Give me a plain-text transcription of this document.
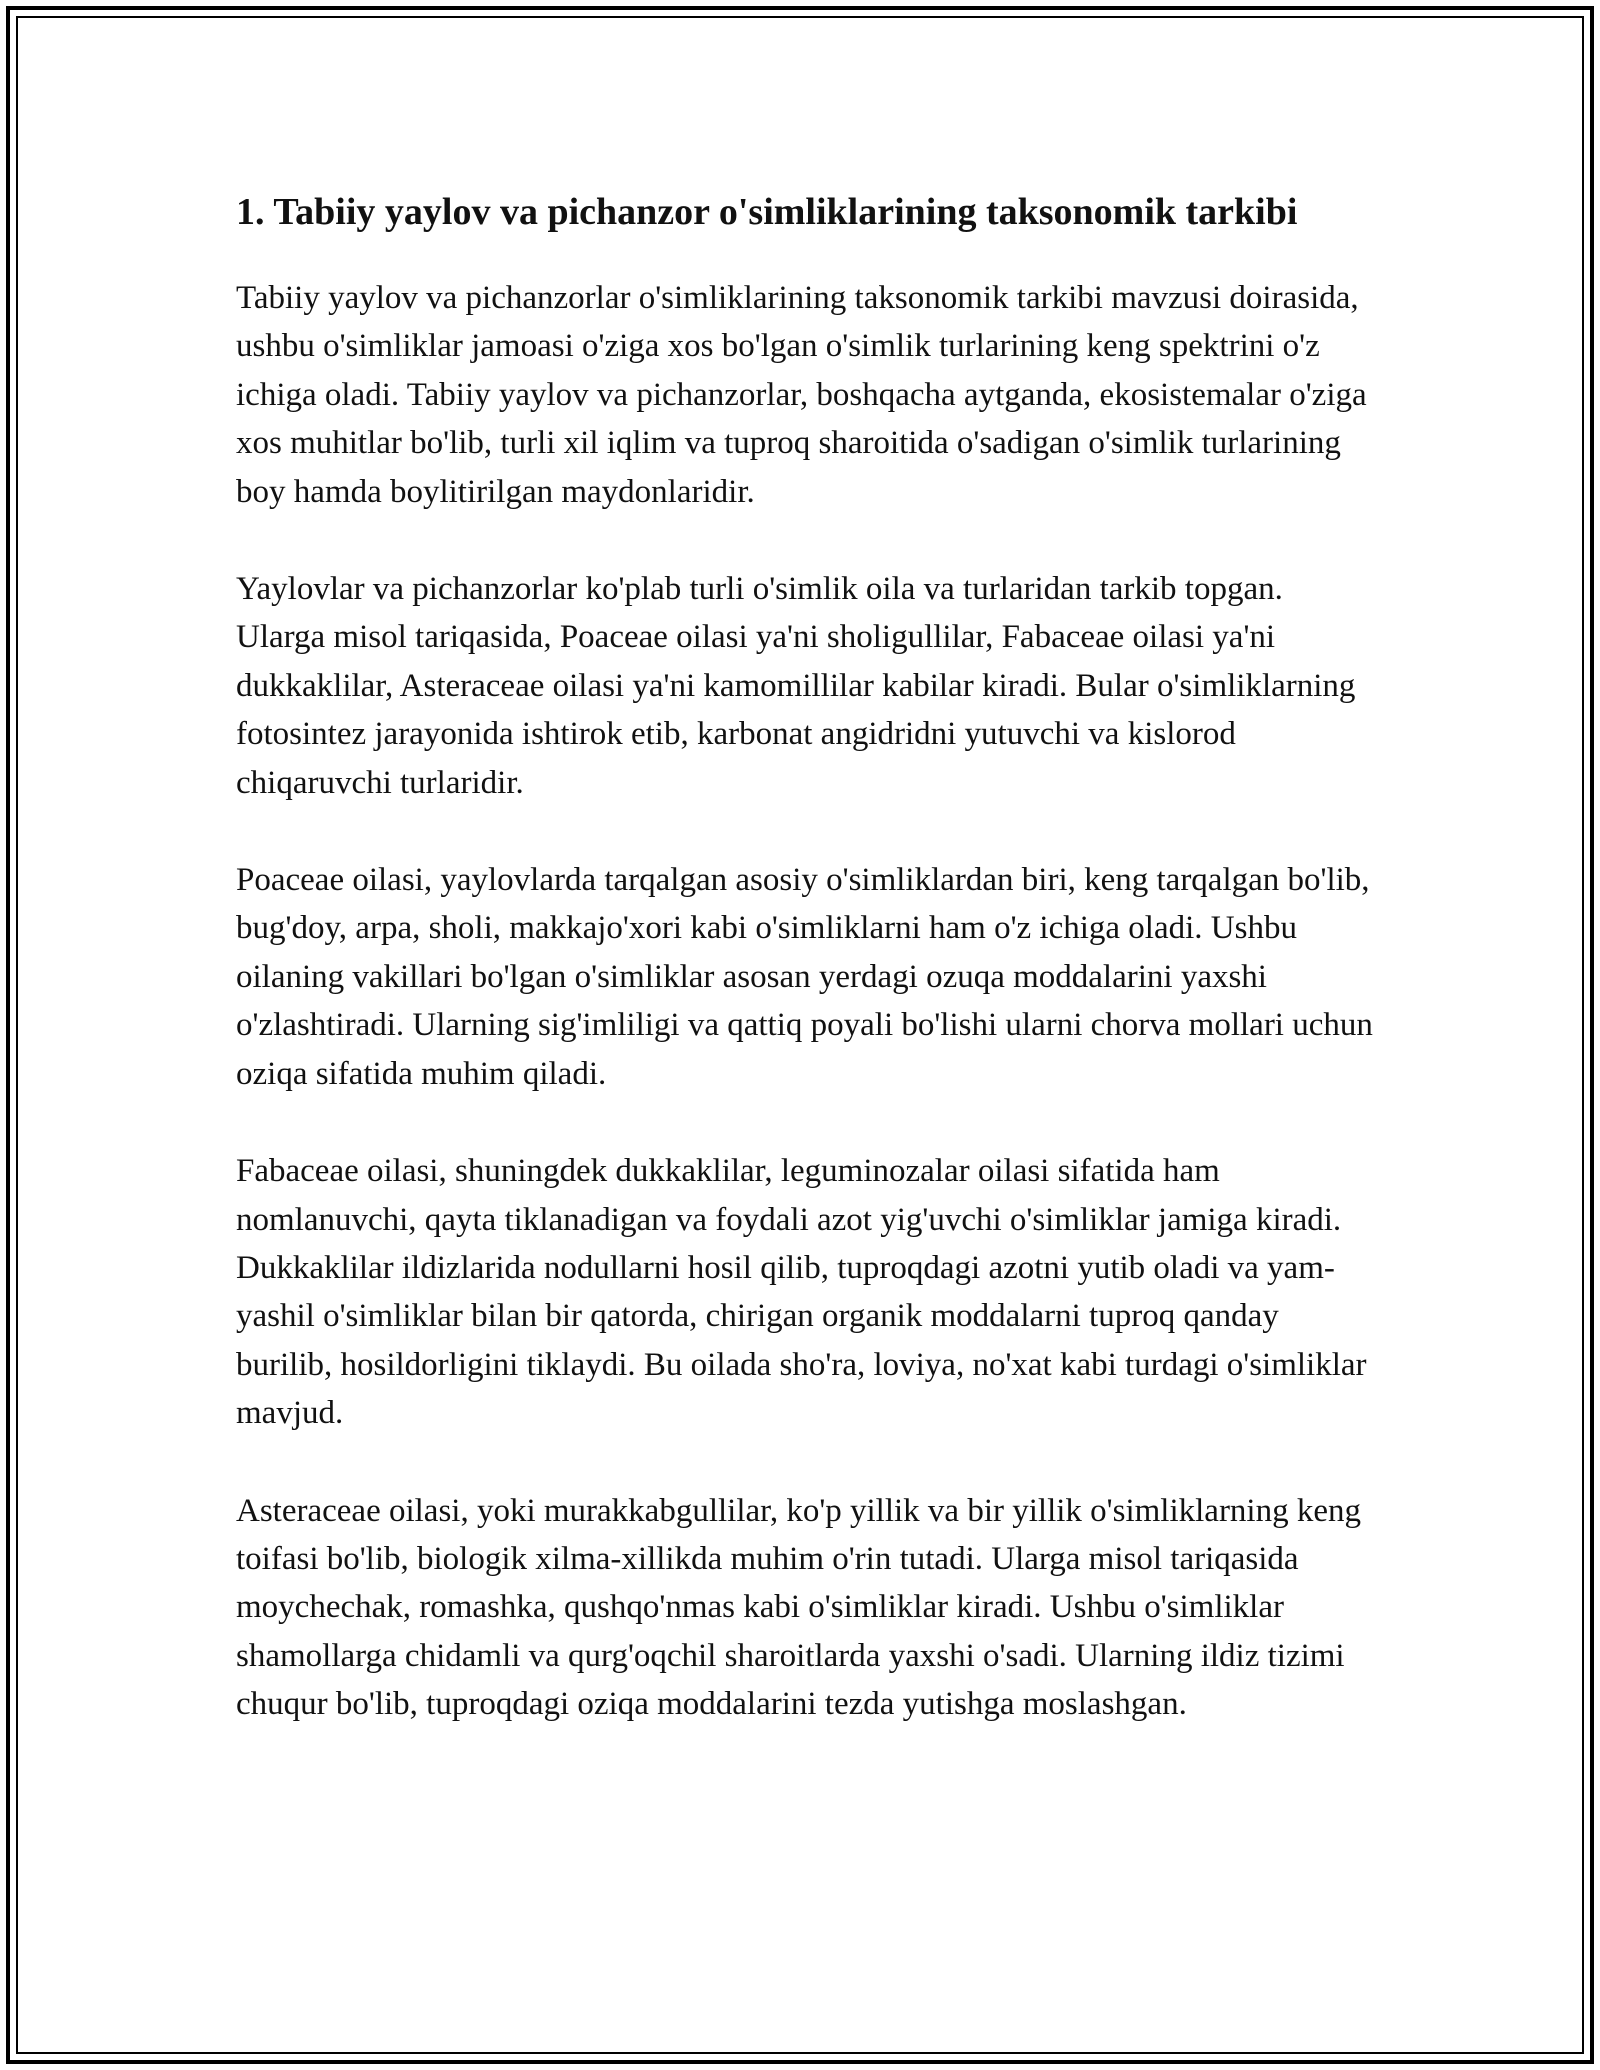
1. Tabiiy yaylov va pichanzor o'simliklarining taksonomik tarkibi

Tabiiy yaylov va pichanzorlar o'simliklarining taksonomik tarkibi mavzusi doirasida, ushbu o'simliklar jamoasi o'ziga xos bo'lgan o'simlik turlarining keng spektrini o'z ichiga oladi. Tabiiy yaylov va pichanzorlar, boshqacha aytganda, ekosistemalar o'ziga xos muhitlar bo'lib, turli xil iqlim va tuproq sharoitida o'sadigan o'simlik turlarining boy hamda boylitirilgan maydonlaridir.

Yaylovlar va pichanzorlar ko'plab turli o'simlik oila va turlaridan tarkib topgan. Ularga misol tariqasida, Poaceae oilasi ya'ni sholigullilar, Fabaceae oilasi ya'ni dukkaklilar, Asteraceae oilasi ya'ni kamomillilar kabilar kiradi. Bular o'simliklarning fotosintez jarayonida ishtirok etib, karbonat angidridni yutuvchi va kislorod chiqaruvchi turlaridir.

Poaceae oilasi, yaylovlarda tarqalgan asosiy o'simliklardan biri, keng tarqalgan bo'lib, bug'doy, arpa, sholi, makkajo'xori kabi o'simliklarni ham o'z ichiga oladi. Ushbu oilaning vakillari bo'lgan o'simliklar asosan yerdagi ozuqa moddalarini yaxshi o'zlashtiradi. Ularning sig'imliligi va qattiq poyali bo'lishi ularni chorva mollari uchun oziqa sifatida muhim qiladi.

Fabaceae oilasi, shuningdek dukkaklilar, leguminozalar oilasi sifatida ham nomlanuvchi, qayta tiklanadigan va foydali azot yig'uvchi o'simliklar jamiga kiradi. Dukkaklilar ildizlarida nodullarni hosil qilib, tuproqdagi azotni yutib oladi va yam-yashil o'simliklar bilan bir qatorda, chirigan organik moddalarni tuproq qanday burilib, hosildorligini tiklaydi. Bu oilada sho'ra, loviya, no'xat kabi turdagi o'simliklar mavjud.

Asteraceae oilasi, yoki murakkabgullilar, ko'p yillik va bir yillik o'simliklarning keng toifasi bo'lib, biologik xilma-xillikda muhim o'rin tutadi. Ularga misol tariqasida moychechak, romashka, qushqo'nmas kabi o'simliklar kiradi. Ushbu o'simliklar shamollarga chidamli va qurg'oqchil sharoitlarda yaxshi o'sadi. Ularning ildiz tizimi chuqur bo'lib, tuproqdagi oziqa moddalarini tezda yutishga moslashgan.
